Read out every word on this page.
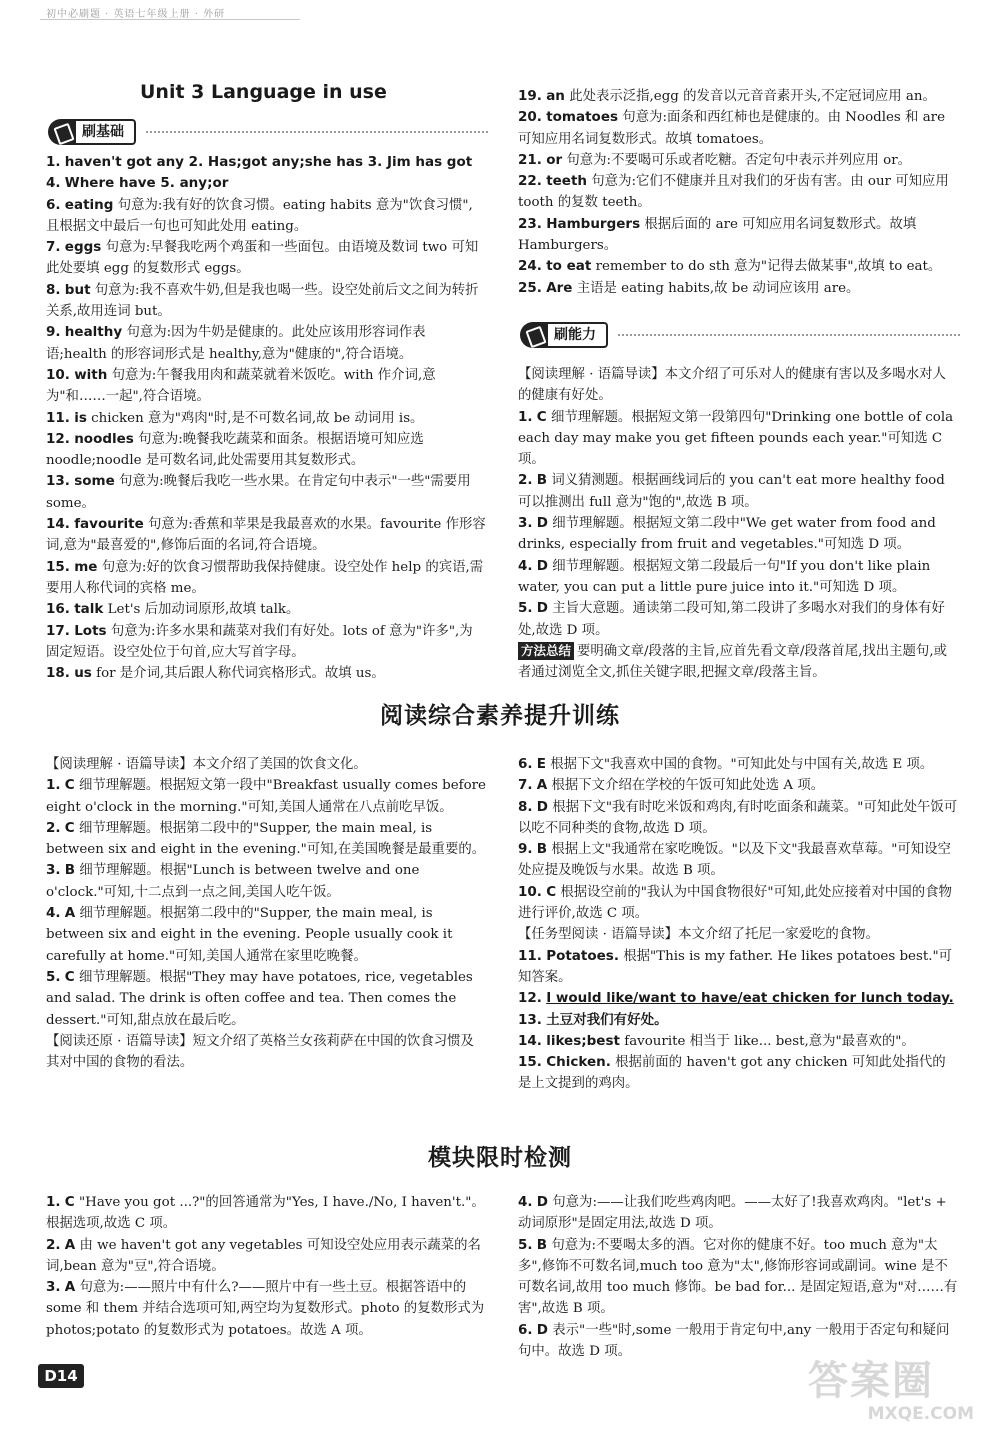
初中必刷题 · 英语七年级上册 · 外研
Unit 3 Language in use
刷基础
1. haven't got any 2. Has;got any;she has 3. Jim has got
4. Where have 5. any;or
6. eating 句意为:我有好的饮食习惯。eating habits 意为"饮食习惯",且根据文中最后一句也可知此处用 eating。
7. eggs 句意为:早餐我吃两个鸡蛋和一些面包。由语境及数词 two 可知此处要填 egg 的复数形式 eggs。
8. but 句意为:我不喜欢牛奶,但是我也喝一些。设空处前后文之间为转折关系,故用连词 but。
9. healthy 句意为:因为牛奶是健康的。此处应该用形容词作表语;health 的形容词形式是 healthy,意为"健康的",符合语境。
10. with 句意为:午餐我用肉和蔬菜就着米饭吃。with 作介词,意为"和……一起",符合语境。
11. is chicken 意为"鸡肉"时,是不可数名词,故 be 动词用 is。
12. noodles 句意为:晚餐我吃蔬菜和面条。根据语境可知应选 noodle;noodle 是可数名词,此处需要用其复数形式。
13. some 句意为:晚餐后我吃一些水果。在肯定句中表示"一些"需要用 some。
14. favourite 句意为:香蕉和苹果是我最喜欢的水果。favourite 作形容词,意为"最喜爱的",修饰后面的名词,符合语境。
15. me 句意为:好的饮食习惯帮助我保持健康。设空处作 help 的宾语,需要用人称代词的宾格 me。
16. talk Let's 后加动词原形,故填 talk。
17. Lots 句意为:许多水果和蔬菜对我们有好处。lots of 意为"许多",为固定短语。设空处位于句首,应大写首字母。
18. us for 是介词,其后跟人称代词宾格形式。故填 us。
19. an 此处表示泛指,egg 的发音以元音音素开头,不定冠词应用 an。
20. tomatoes 句意为:面条和西红柿也是健康的。由 Noodles 和 are 可知应用名词复数形式。故填 tomatoes。
21. or 句意为:不要喝可乐或者吃糖。否定句中表示并列应用 or。
22. teeth 句意为:它们不健康并且对我们的牙齿有害。由 our 可知应用 tooth 的复数 teeth。
23. Hamburgers 根据后面的 are 可知应用名词复数形式。故填 Hamburgers。
24. to eat remember to do sth 意为"记得去做某事",故填 to eat。
25. Are 主语是 eating habits,故 be 动词应该用 are。
刷能力
【阅读理解 · 语篇导读】本文介绍了可乐对人的健康有害以及多喝水对人的健康有好处。
1. C 细节理解题。根据短文第一段第四句"Drinking one bottle of cola each day may make you get fifteen pounds each year."可知选 C 项。
2. B 词义猜测题。根据画线词后的 you can't eat more healthy food 可以推测出 full 意为"饱的",故选 B 项。
3. D 细节理解题。根据短文第二段中"We get water from food and drinks, especially from fruit and vegetables."可知选 D 项。
4. D 细节理解题。根据短文第二段最后一句"If you don't like plain water, you can put a little pure juice into it."可知选 D 项。
5. D 主旨大意题。通读第二段可知,第二段讲了多喝水对我们的身体有好处,故选 D 项。
方法总结 要明确文章/段落的主旨,应首先看文章/段落首尾,找出主题句,或者通过浏览全文,抓住关键字眼,把握文章/段落主旨。
阅读综合素养提升训练
【阅读理解 · 语篇导读】本文介绍了美国的饮食文化。
1. C 细节理解题。根据短文第一段中"Breakfast usually comes before eight o'clock in the morning."可知,美国人通常在八点前吃早饭。
2. C 细节理解题。根据第二段中的"Supper, the main meal, is between six and eight in the evening."可知,在美国晚餐是最重要的。
3. B 细节理解题。根据"Lunch is between twelve and one o'clock."可知,十二点到一点之间,美国人吃午饭。
4. A 细节理解题。根据第二段中的"Supper, the main meal, is between six and eight in the evening. People usually cook it carefully at home."可知,美国人通常在家里吃晚餐。
5. C 细节理解题。根据"They may have potatoes, rice, vegetables and salad. The drink is often coffee and tea. Then comes the dessert."可知,甜点放在最后吃。
【阅读还原 · 语篇导读】短文介绍了英格兰女孩莉萨在中国的饮食习惯及其对中国的食物的看法。
6. E 根据下文"我喜欢中国的食物。"可知此处与中国有关,故选 E 项。
7. A 根据下文介绍在学校的午饭可知此处选 A 项。
8. D 根据下文"我有时吃米饭和鸡肉,有时吃面条和蔬菜。"可知此处午饭可以吃不同种类的食物,故选 D 项。
9. B 根据上文"我通常在家吃晚饭。"以及下文"我最喜欢草莓。"可知设空处应提及晚饭与水果。故选 B 项。
10. C 根据设空前的"我认为中国食物很好"可知,此处应接着对中国的食物进行评价,故选 C 项。
【任务型阅读 · 语篇导读】本文介绍了托尼一家爱吃的食物。
11. Potatoes. 根据"This is my father. He likes potatoes best."可知答案。
12. I would like/want to have/eat chicken for lunch today.
13. 土豆对我们有好处。
14. likes;best favourite 相当于 like... best,意为"最喜欢的"。
15. Chicken. 根据前面的 haven't got any chicken 可知此处指代的是上文提到的鸡肉。
模块限时检测
1. C "Have you got ...?"的回答通常为"Yes, I have./No, I haven't."。根据选项,故选 C 项。
2. A 由 we haven't got any vegetables 可知设空处应用表示蔬菜的名词,bean 意为"豆",符合语境。
3. A 句意为:——照片中有什么?——照片中有一些土豆。根据答语中的 some 和 them 并结合选项可知,两空均为复数形式。photo 的复数形式为 photos;potato 的复数形式为 potatoes。故选 A 项。
4. D 句意为:——让我们吃些鸡肉吧。——太好了!我喜欢鸡肉。"let's + 动词原形"是固定用法,故选 D 项。
5. B 句意为:不要喝太多的酒。它对你的健康不好。too much 意为"太多",修饰不可数名词,much too 意为"太",修饰形容词或副词。wine 是不可数名词,故用 too much 修饰。be bad for... 是固定短语,意为"对……有害",故选 B 项。
6. D 表示"一些"时,some 一般用于肯定句中,any 一般用于否定句和疑问句中。故选 D 项。
D14	答案圈
MXQE.COM
